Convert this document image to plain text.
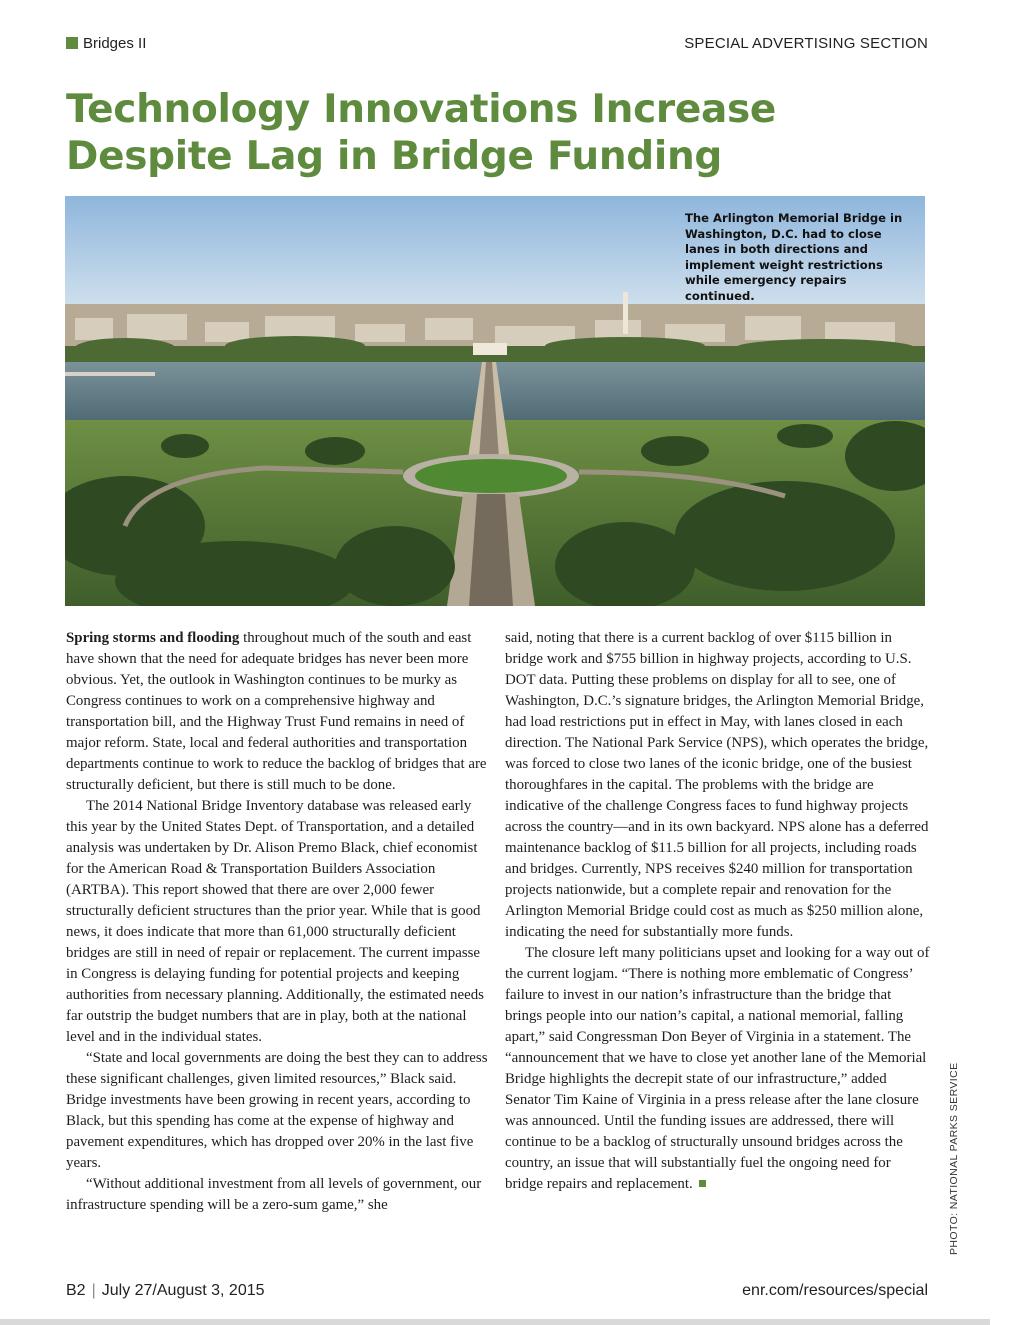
Bridges II	SPECIAL ADVERTISING SECTION
Technology Innovations Increase
Despite Lag in Bridge Funding

The Arlington Memorial Bridge in Washington, D.C. had to close lanes in both directions and implement weight restrictions while emergency repairs continued.

PHOTO: NATIONAL PARKS SERVICE

Spring storms and flooding throughout much of the south and east have shown that the need for adequate bridges has never been more obvious. Yet, the outlook in Washington continues to be murky as Congress continues to work on a comprehensive highway and transportation bill, and the Highway Trust Fund remains in need of major reform. State, local and federal authorities and transportation departments continue to work to reduce the backlog of bridges that are structurally deficient, but there is still much to be done.

The 2014 National Bridge Inventory database was released early this year by the United States Dept. of Transportation, and a detailed analysis was undertaken by Dr. Alison Premo Black, chief economist for the American Road & Transportation Builders Association (ARTBA). This report showed that there are over 2,000 fewer structurally deficient structures than the prior year. While that is good news, it does indicate that more than 61,000 structurally deficient bridges are still in need of repair or replacement. The current impasse in Congress is delaying funding for potential projects and keeping authorities from necessary planning. Additionally, the estimated needs far outstrip the budget numbers that are in play, both at the national level and in the individual states.

“State and local governments are doing the best they can to address these significant challenges, given limited resources,” Black said. Bridge investments have been growing in recent years, according to Black, but this spending has come at the expense of highway and pavement expenditures, which has dropped over 20% in the last five years.

“Without additional investment from all levels of government, our infrastructure spending will be a zero-sum game,” she

said, noting that there is a current backlog of over $115 billion in bridge work and $755 billion in highway projects, according to U.S. DOT data. Putting these problems on display for all to see, one of Washington, D.C.’s signature bridges, the Arlington Memorial Bridge, had load restrictions put in effect in May, with lanes closed in each direction. The National Park Service (NPS), which operates the bridge, was forced to close two lanes of the iconic bridge, one of the busiest thoroughfares in the capital. The problems with the bridge are indicative of the challenge Congress faces to fund highway projects across the country—and in its own backyard. NPS alone has a deferred maintenance backlog of $11.5 billion for all projects, including roads and bridges. Currently, NPS receives $240 million for transportation projects nationwide, but a complete repair and renovation for the Arlington Memorial Bridge could cost as much as $250 million alone, indicating the need for substantially more funds.

The closure left many politicians upset and looking for a way out of the current logjam. “There is nothing more emblematic of Congress’ failure to invest in our nation’s infrastructure than the bridge that brings people into our nation’s capital, a national memorial, falling apart,” said Congressman Don Beyer of Virginia in a statement. The “announcement that we have to close yet another lane of the Memorial Bridge highlights the decrepit state of our infrastructure,” added Senator Tim Kaine of Virginia in a press release after the lane closure was announced. Until the funding issues are addressed, there will continue to be a backlog of structurally unsound bridges across the country, an issue that will substantially fuel the ongoing need for bridge repairs and replacement.

B2 | July 27/August 3, 2015	enr.com/resources/special
